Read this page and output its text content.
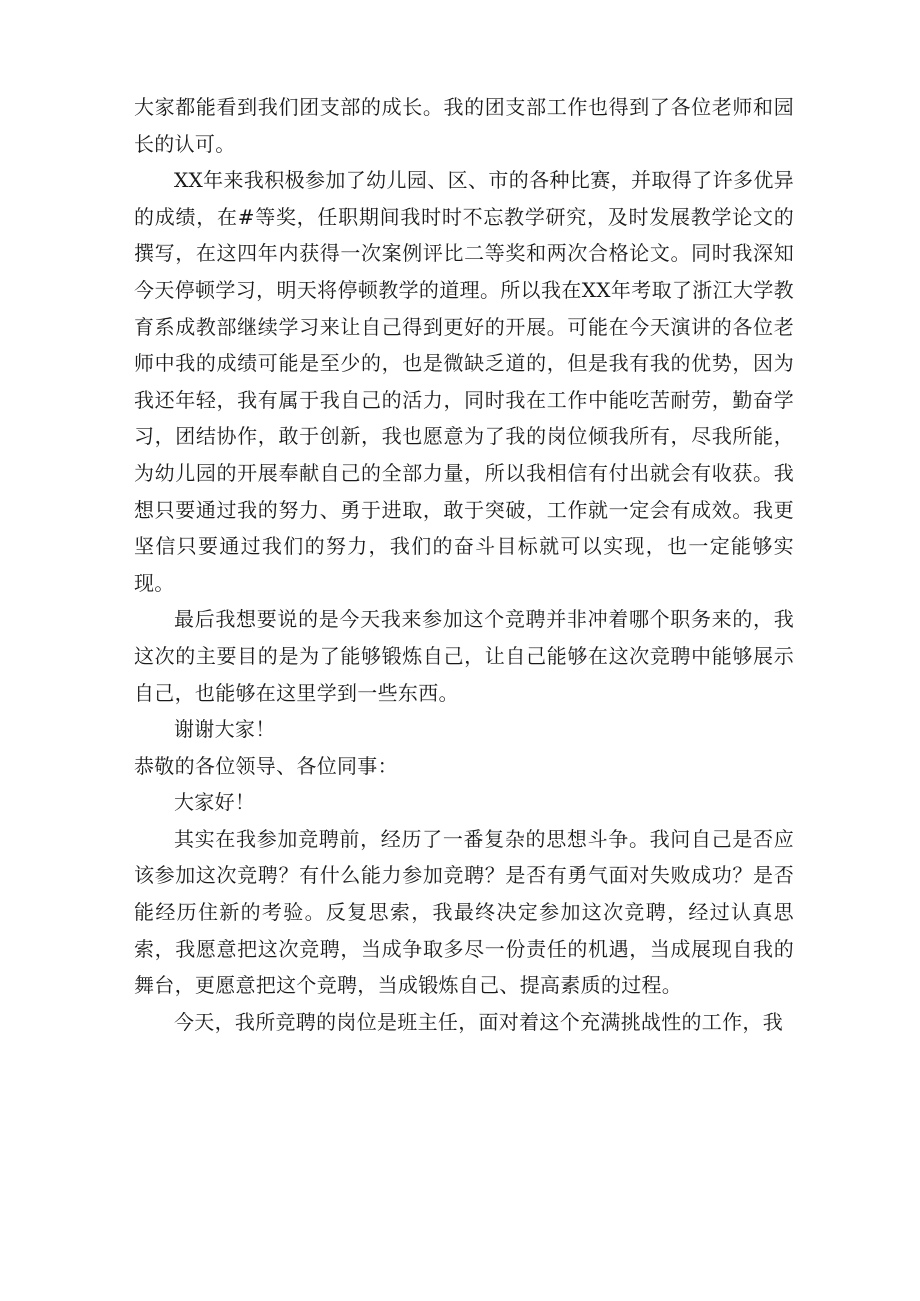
大家都能看到我们团支部的成长。我的团支部工作也得到了各位老师和园长的认可。

XX年来我积极参加了幼儿园、区、市的各种比赛，并取得了许多优异的成绩，在#等奖，任职期间我时时不忘教学研究，及时发展教学论文的撰写，在这四年内获得一次案例评比二等奖和两次合格论文。同时我深知今天停顿学习，明天将停顿教学的道理。所以我在XX年考取了浙江大学教育系成教部继续学习来让自己得到更好的开展。可能在今天演讲的各位老师中我的成绩可能是至少的，也是微缺乏道的，但是我有我的优势，因为我还年轻，我有属于我自己的活力，同时我在工作中能吃苦耐劳，勤奋学习，团结协作，敢于创新，我也愿意为了我的岗位倾我所有，尽我所能，为幼儿园的开展奉献自己的全部力量，所以我相信有付出就会有收获。我想只要通过我的努力、勇于进取，敢于突破，工作就一定会有成效。我更坚信只要通过我们的努力，我们的奋斗目标就可以实现，也一定能够实现。

最后我想要说的是今天我来参加这个竞聘并非冲着哪个职务来的，我这次的主要目的是为了能够锻炼自己，让自己能够在这次竞聘中能够展示自己，也能够在这里学到一些东西。

谢谢大家！

恭敬的各位领导、各位同事：

大家好！

其实在我参加竞聘前，经历了一番复杂的思想斗争。我问自己是否应该参加这次竞聘？有什么能力参加竞聘？是否有勇气面对失败成功？是否能经历住新的考验。反复思索，我最终决定参加这次竞聘，经过认真思索，我愿意把这次竞聘，当成争取多尽一份责任的机遇，当成展现自我的舞台，更愿意把这个竞聘，当成锻炼自己、提高素质的过程。

今天，我所竞聘的岗位是班主任，面对着这个充满挑战性的工作，我
